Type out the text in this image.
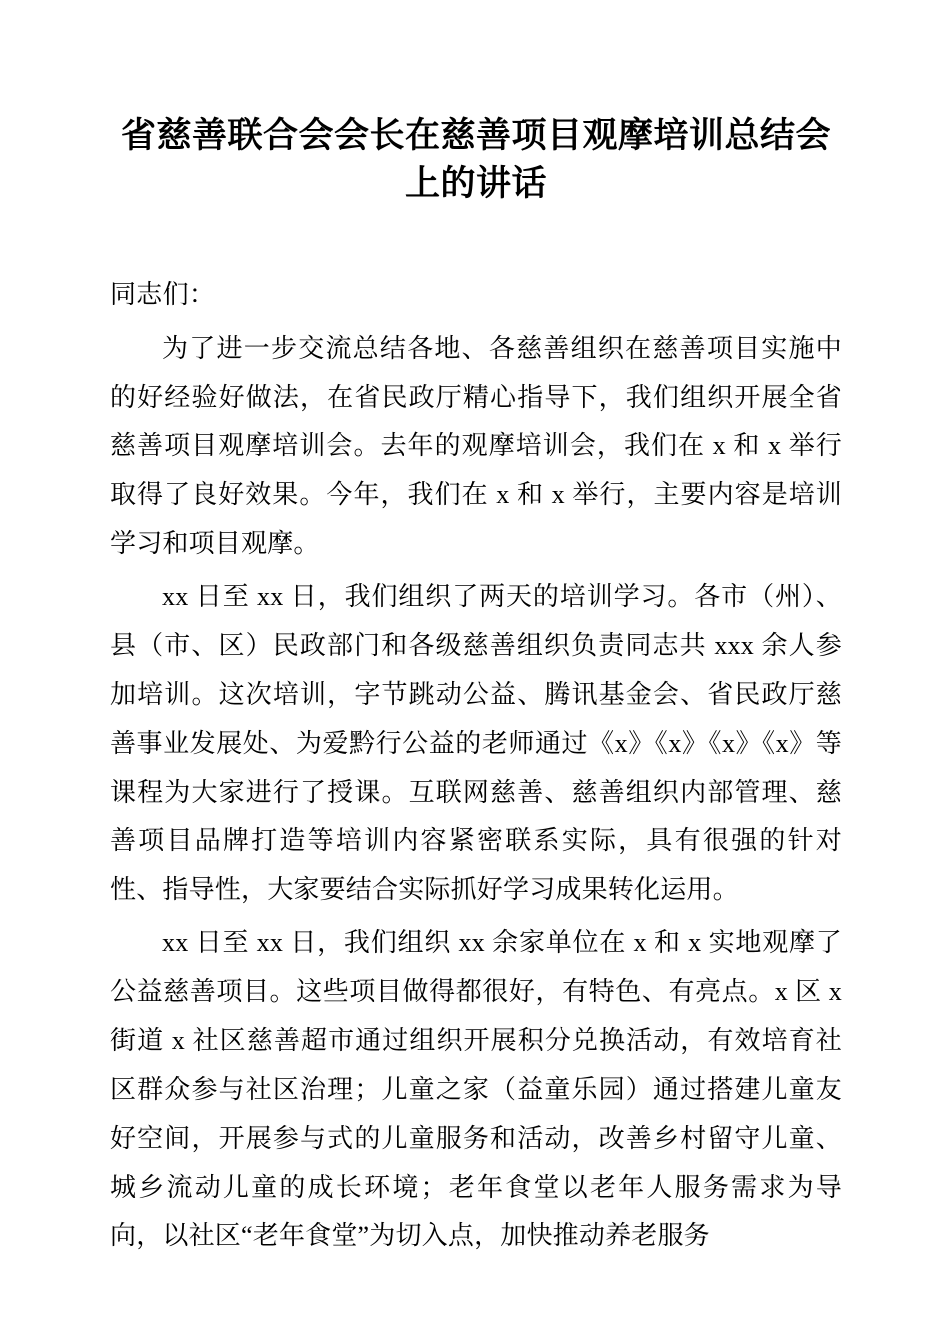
省慈善联合会会长在慈善项目观摩培训总结会上的讲话

同志们：

为了进一步交流总结各地、各慈善组织在慈善项目实施中的好经验好做法，在省民政厅精心指导下，我们组织开展全省慈善项目观摩培训会。去年的观摩培训会，我们在 x 和 x 举行取得了良好效果。今年，我们在 x 和 x 举行，主要内容是培训学习和项目观摩。

xx 日至 xx 日，我们组织了两天的培训学习。各市（州）、县（市、区）民政部门和各级慈善组织负责同志共 xxx 余人参加培训。这次培训，字节跳动公益、腾讯基金会、省民政厅慈善事业发展处、为爱黔行公益的老师通过《x》《x》《x》《x》等课程为大家进行了授课。互联网慈善、慈善组织内部管理、慈善项目品牌打造等培训内容紧密联系实际，具有很强的针对性、指导性，大家要结合实际抓好学习成果转化运用。

xx 日至 xx 日，我们组织 xx 余家单位在 x 和 x 实地观摩了公益慈善项目。这些项目做得都很好，有特色、有亮点。x 区 x 街道 x 社区慈善超市通过组织开展积分兑换活动，有效培育社区群众参与社区治理；儿童之家（益童乐园）通过搭建儿童友好空间，开展参与式的儿童服务和活动，改善乡村留守儿童、城乡流动儿童的成长环境；老年食堂以老年人服务需求为导向，以社区“老年食堂”为切入点，加快推动养老服务
